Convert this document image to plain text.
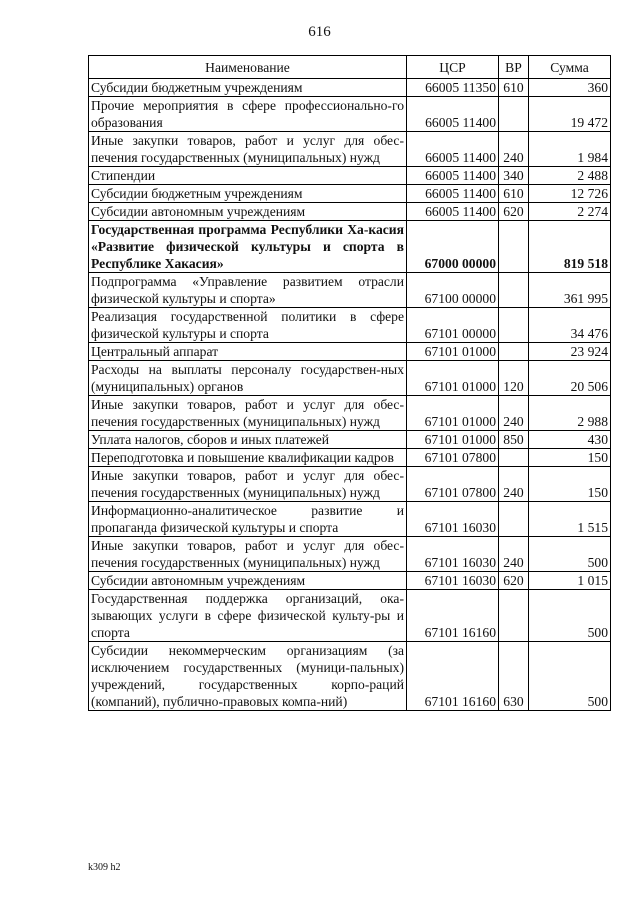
616
Наименование	ЦСР	ВР	Сумма
Субсидии бюджетным учреждениям	66005 11350	610	360
Прочие мероприятия в сфере профессионально-го образования	66005 11400		19 472
Иные закупки товаров, работ и услуг для обес-печения государственных (муниципальных) нужд	66005 11400	240	1 984
Стипендии	66005 11400	340	2 488
Субсидии бюджетным учреждениям	66005 11400	610	12 726
Субсидии автономным учреждениям	66005 11400	620	2 274
Государственная программа Республики Ха-касия «Развитие физической культуры и спорта в Республике Хакасия»	67000 00000		819 518
Подпрограмма «Управление развитием отрасли физической культуры и спорта»	67100 00000		361 995
Реализация государственной политики в сфере физической культуры и спорта	67101 00000		34 476
Центральный аппарат	67101 01000		23 924
Расходы на выплаты персоналу государствен-ных (муниципальных) органов	67101 01000	120	20 506
Иные закупки товаров, работ и услуг для обес-печения государственных (муниципальных) нужд	67101 01000	240	2 988
Уплата налогов, сборов и иных платежей	67101 01000	850	430
Переподготовка и повышение квалификации кадров	67101 07800		150
Иные закупки товаров, работ и услуг для обес-печения государственных (муниципальных) нужд	67101 07800	240	150
Информационно-аналитическое развитие и пропаганда физической культуры и спорта	67101 16030		1 515
Иные закупки товаров, работ и услуг для обес-печения государственных (муниципальных) нужд	67101 16030	240	500
Субсидии автономным учреждениям	67101 16030	620	1 015
Государственная поддержка организаций, ока-зывающих услуги в сфере физической культу-ры и спорта	67101 16160		500
Субсидии некоммерческим организациям (за исключением государственных (муници-пальных) учреждений, государственных корпо-раций (компаний), публично-правовых компа-ний)	67101 16160	630	500
k309 h2
